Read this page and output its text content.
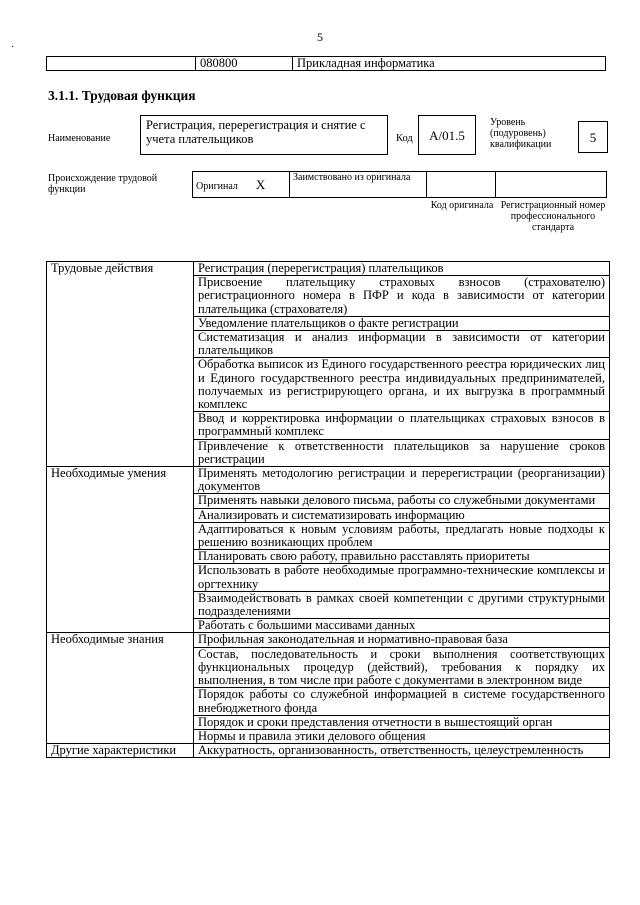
5
·
	080800	Прикладная информатика
3.1.1. Трудовая функция
Наименование
Регистрация, перерегистрация и снятие с учета плательщиков	Код	А/01.5
Уровень (подуровень) квалификации	5
Происхождение трудовой функции	Оригинал X	Заимствовано из оригинала		
Код оригинала Регистрационный номер профессионального стандарта
Трудовые действия	Регистрация (перерегистрация) плательщиков
	Присвоение плательщику страховых взносов (страхователю) регистрационного номера в ПФР и кода в зависимости от категории плательщика (страхователя)
	Уведомление плательщиков о факте регистрации
	Систематизация и анализ информации в зависимости от категории плательщиков
	Обработка выписок из Единого государственного реестра юридических лиц и Единого государственного реестра индивидуальных предпринимателей, получаемых из регистрирующего органа, и их выгрузка в программный комплекс
	Ввод и корректировка информации о плательщиках страховых взносов в программный комплекс
	Привлечение к ответственности плательщиков за нарушение сроков регистрации
Необходимые умения	Применять методологию регистрации и перерегистрации (реорганизации) документов
	Применять навыки делового письма, работы со служебными документами
	Анализировать и систематизировать информацию
	Адаптироваться к новым условиям работы, предлагать новые подходы к решению возникающих проблем
	Планировать свою работу, правильно расставлять приоритеты
	Использовать в работе необходимые программно-технические комплексы и оргтехнику
	Взаимодействовать в рамках своей компетенции с другими структурными подразделениями
	Работать с большими массивами данных
Необходимые знания	Профильная законодательная и нормативно-правовая база
	Состав, последовательность и сроки выполнения соответствующих функциональных процедур (действий), требования к порядку их выполнения, в том числе при работе с документами в электронном виде
	Порядок работы со служебной информацией в системе государственного внебюджетного фонда
	Порядок и сроки представления отчетности в вышестоящий орган
	Нормы и правила этики делового общения
Другие характеристики	Аккуратность, организованность, ответственность, целеустремленность
